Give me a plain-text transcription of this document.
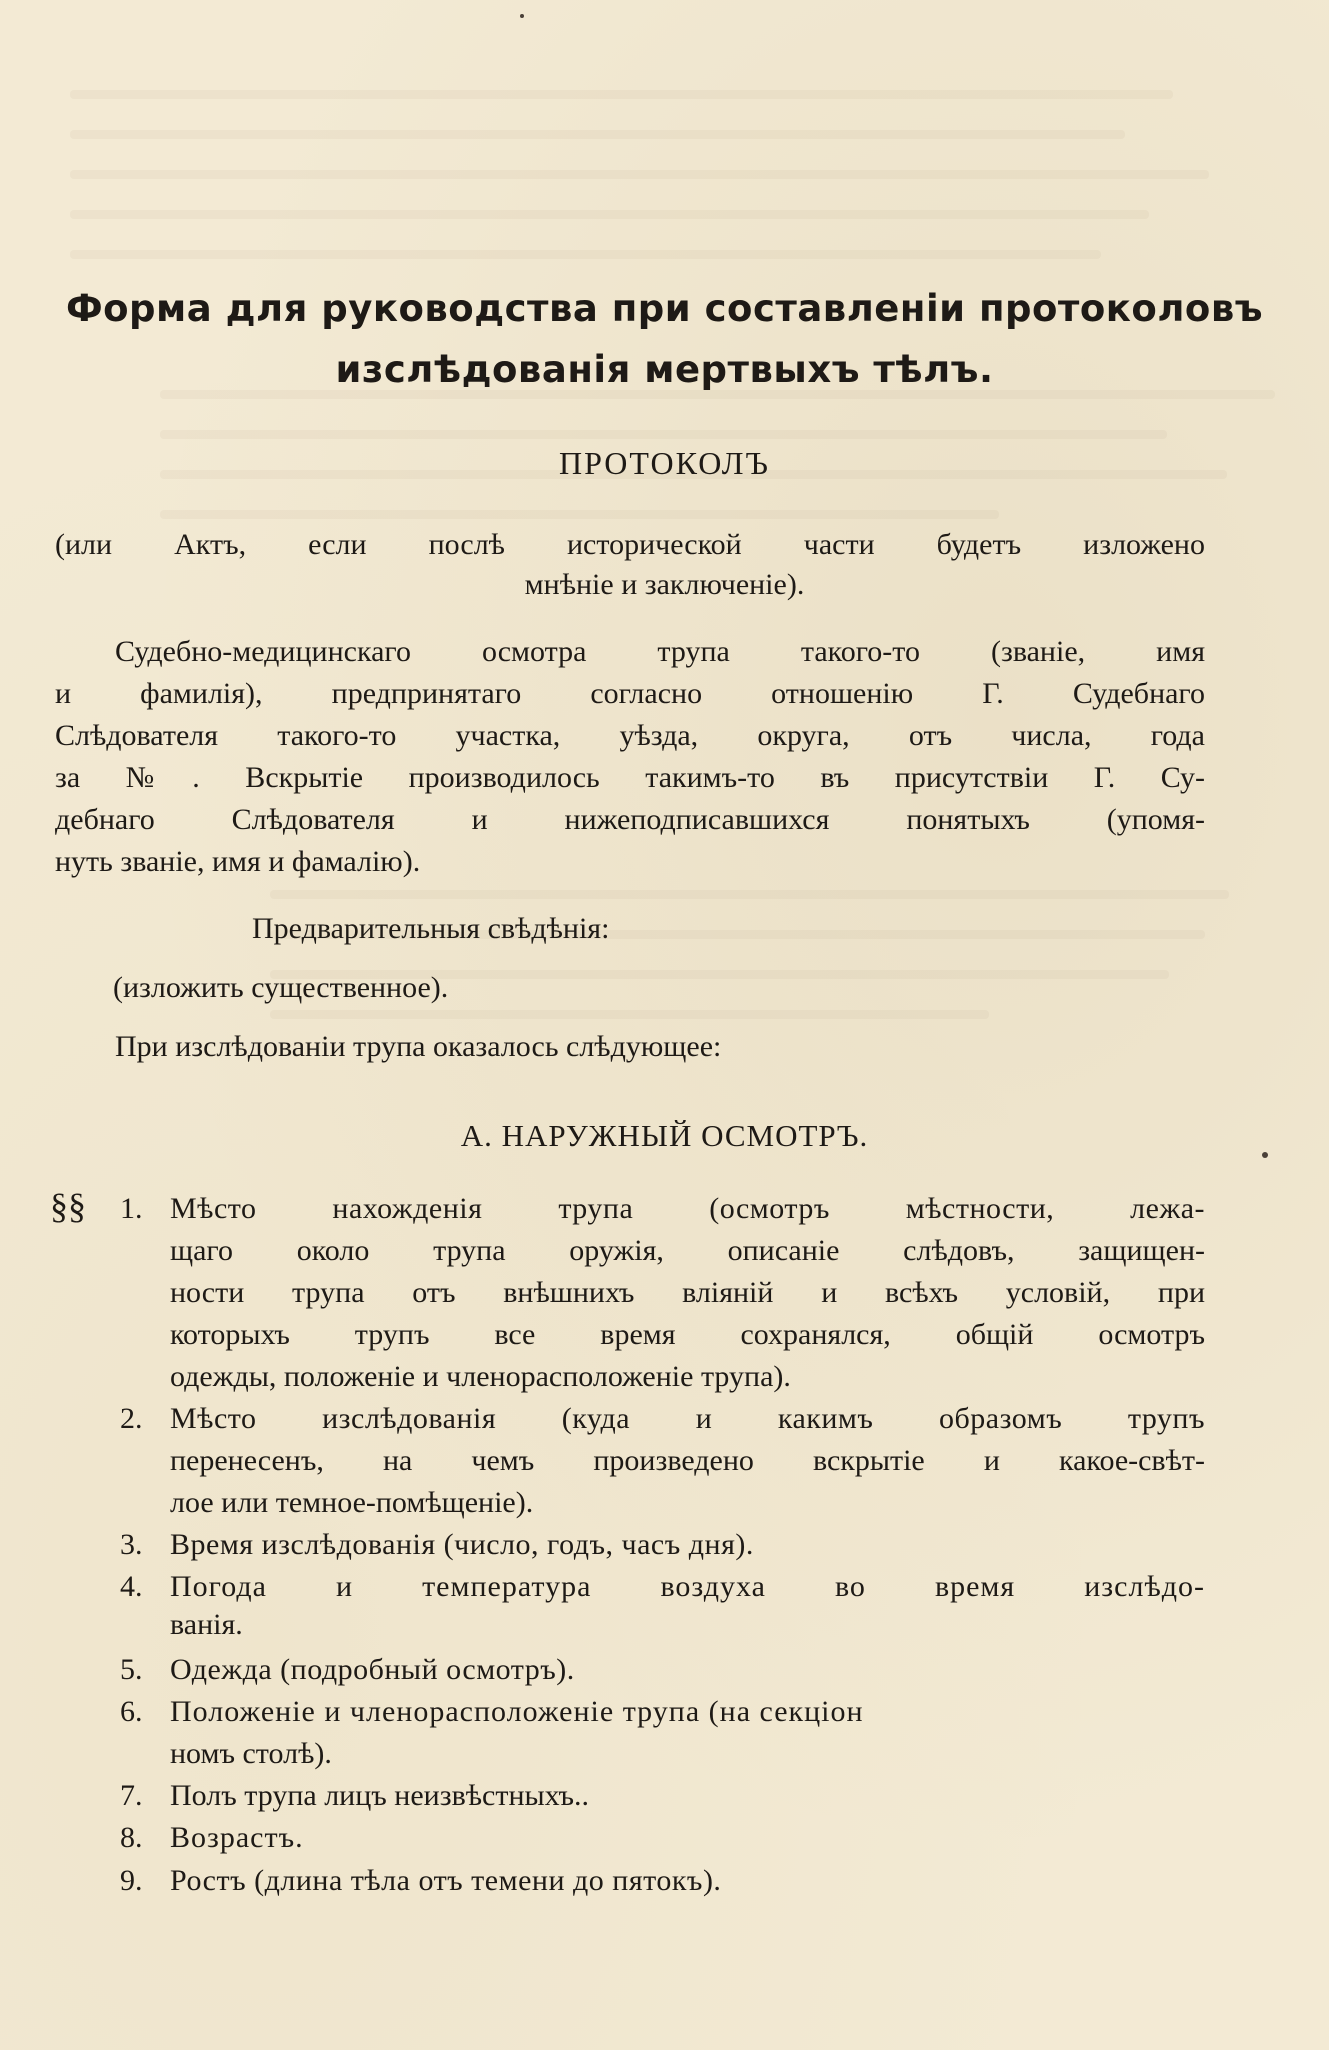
Форма для руководства при составленіи протоколовъ
изслѣдованія мертвыхъ тѣлъ.
ПРОТОКОЛЪ
(или Актъ, если послѣ исторической части будетъ изложено
мнѣніе и заключеніе).
Судебно-медицинскаго осмотра трупа такого-то (званіе, имя
и фамилія), предпринятаго согласно отношенію Г. Судебнаго
Слѣдователя такого-то участка, уѣзда, округа, отъ числа, года
за №. Вскрытіе производилось такимъ-то въ присутствіи Г. Су-
дебнаго Слѣдователя и нижеподписавшихся понятыхъ (упомя-
нуть званіе, имя и фамалію).
Предварительныя свѣдѣнія:
(изложить существенное).
При изслѣдованіи трупа оказалось слѣдующее:
А. НАРУЖНЫЙ ОСМОТРЪ.
§§ 1. Мѣсто нахожденія трупа (осмотръ мѣстности, лежа-
щаго около трупа оружія, описаніе слѣдовъ, защищен-
ности трупа отъ внѣшнихъ вліяній и всѣхъ условій, при
которыхъ трупъ все время сохранялся, общій осмотръ
одежды, положеніе и членорасположеніе трупа).
2. Мѣсто изслѣдованія (куда и какимъ образомъ трупъ
перенесенъ, на чемъ произведено вскрытіе и какое-свѣт-
лое или темное-помѣщеніе).
3. Время изслѣдованія (число, годъ, часъ дня).
4. Погода и температура воздуха во время изслѣдо-
ванія.
5. Одежда (подробный осмотръ).
6. Положеніе и членорасположеніе трупа (на секціон
номъ столѣ).
7. Полъ трупа лицъ неизвѣстныхъ..
8. Возрастъ.
9. Ростъ (длина тѣла отъ темени до пятокъ).
